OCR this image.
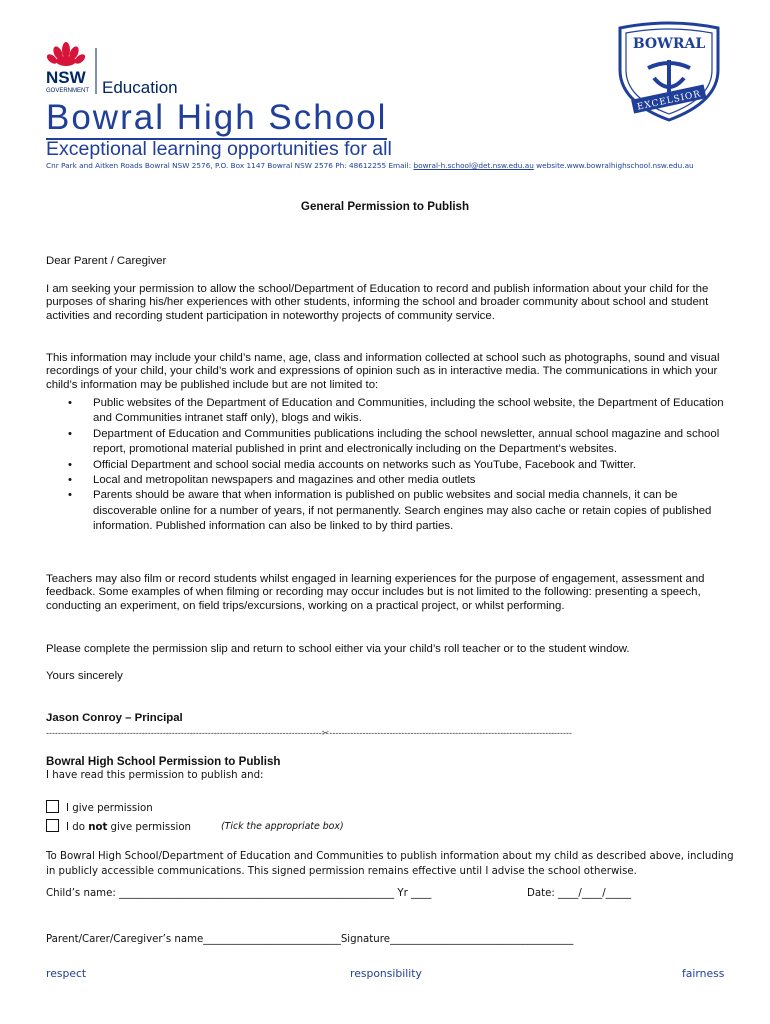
NSW
GOVERNMENT Education
BOWRAL
EXCELSIOR
Bowral High School
Exceptional learning opportunities for all
Cnr Park and Aitken Roads Bowral NSW 2576, P.O. Box 1147 Bowral NSW 2576 Ph: 48612255 Email: bowral-h.school@det.nsw.edu.au website.www.bowralhighschool.nsw.edu.au
General Permission to Publish
Dear Parent / Caregiver
I am seeking your permission to allow the school/Department of Education to record and publish information about your child for the purposes of sharing his/her experiences with other students, informing the school and broader community about school and student activities and recording student participation in noteworthy projects of community service.
This information may include your child’s name, age, class and information collected at school such as photographs, sound and visual recordings of your child, your child’s work and expressions of opinion such as in interactive media. The communications in which your child’s information may be published include but are not limited to:
• Public websites of the Department of Education and Communities, including the school website, the Department of Education and Communities intranet staff only), blogs and wikis.
• Department of Education and Communities publications including the school newsletter, annual school magazine and school report, promotional material published in print and electronically including on the Department’s websites.
• Official Department and school social media accounts on networks such as YouTube, Facebook and Twitter.
• Local and metropolitan newspapers and magazines and other media outlets
• Parents should be aware that when information is published on public websites and social media channels, it can be discoverable online for a number of years, if not permanently. Search engines may also cache or retain copies of published information. Published information can also be linked to by third parties.
Teachers may also film or record students whilst engaged in learning experiences for the purpose of engagement, assessment and feedback. Some examples of when filming or recording may occur includes but is not limited to the following: presenting a speech, conducting an experiment, on field trips/excursions, working on a practical project, or whilst performing.
Please complete the permission slip and return to school either via your child’s roll teacher or to the student window.
Yours sincerely
Jason Conroy – Principal
--------------------------------------------------------------------------------------------✂---------------------------------------------------------------------------------
Bowral High School Permission to Publish
I have read this permission to publish and:
I give permission
I do not give permission	(Tick the appropriate box)
To Bowral High School/Department of Education and Communities to publish information about my child as described above, including in publicly accessible communications. This signed permission remains effective until I advise the school otherwise.
Child’s name: ______________________________________________________ Yr ____	Date: ____/____/_____
Parent/Carer/Caregiver’s name___________________________Signature____________________________________
respect	responsibility	fairness
